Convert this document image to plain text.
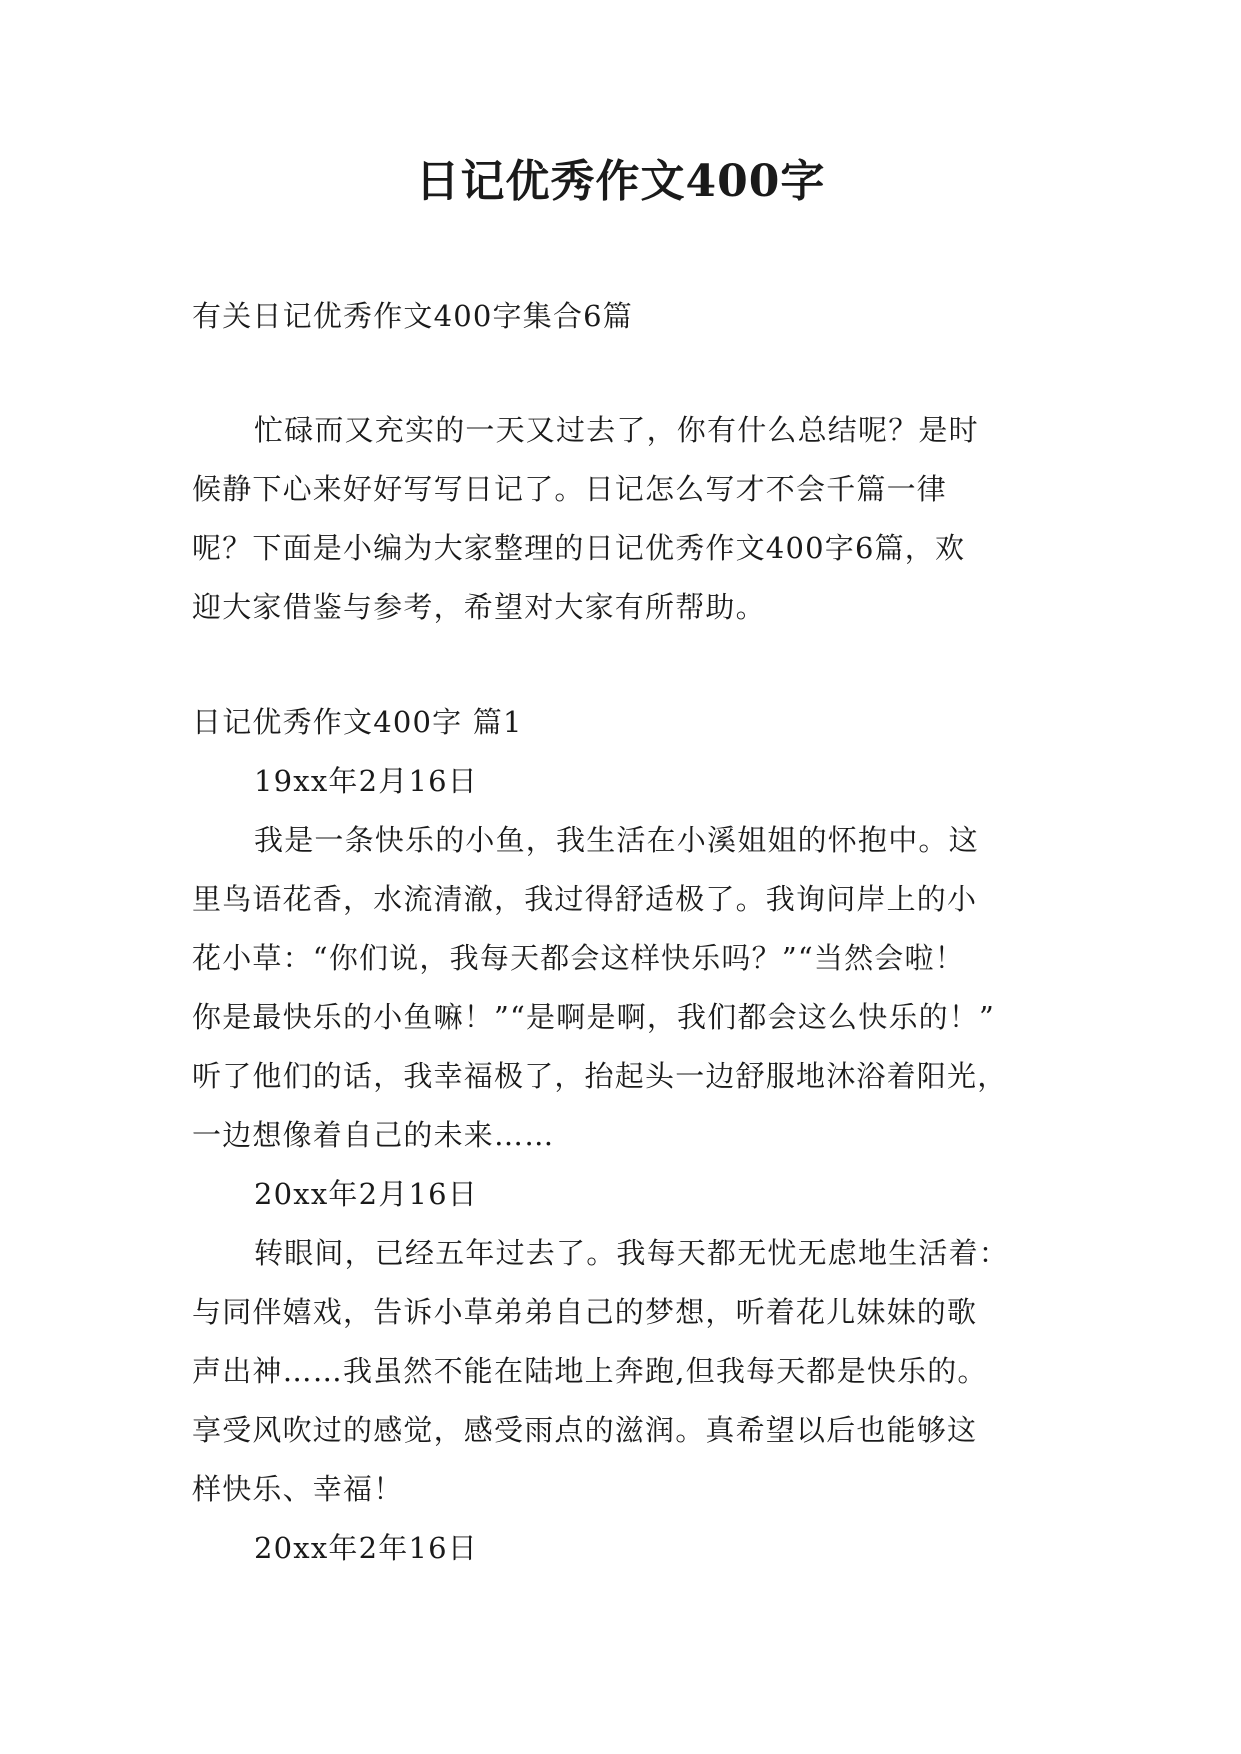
日记优秀作文400字
有关日记优秀作文400字集合6篇
忙碌而又充实的一天又过去了，你有什么总结呢？是时
候静下心来好好写写日记了。日记怎么写才不会千篇一律
呢？下面是小编为大家整理的日记优秀作文400字6篇，欢
迎大家借鉴与参考，希望对大家有所帮助。
日记优秀作文400字 篇1
19xx年2月16日
我是一条快乐的小鱼，我生活在小溪姐姐的怀抱中。这
里鸟语花香，水流清澈，我过得舒适极了。我询问岸上的小
花小草：“你们说，我每天都会这样快乐吗？”“当然会啦！
你是最快乐的小鱼嘛！”“是啊是啊，我们都会这么快乐的！”
听了他们的话，我幸福极了，抬起头一边舒服地沐浴着阳光，
一边想像着自己的未来……
20xx年2月16日
转眼间，已经五年过去了。我每天都无忧无虑地生活着：
与同伴嬉戏，告诉小草弟弟自己的梦想，听着花儿妹妹的歌
声出神……我虽然不能在陆地上奔跑,但我每天都是快乐的。
享受风吹过的感觉，感受雨点的滋润。真希望以后也能够这
样快乐、幸福！
20xx年2年16日
